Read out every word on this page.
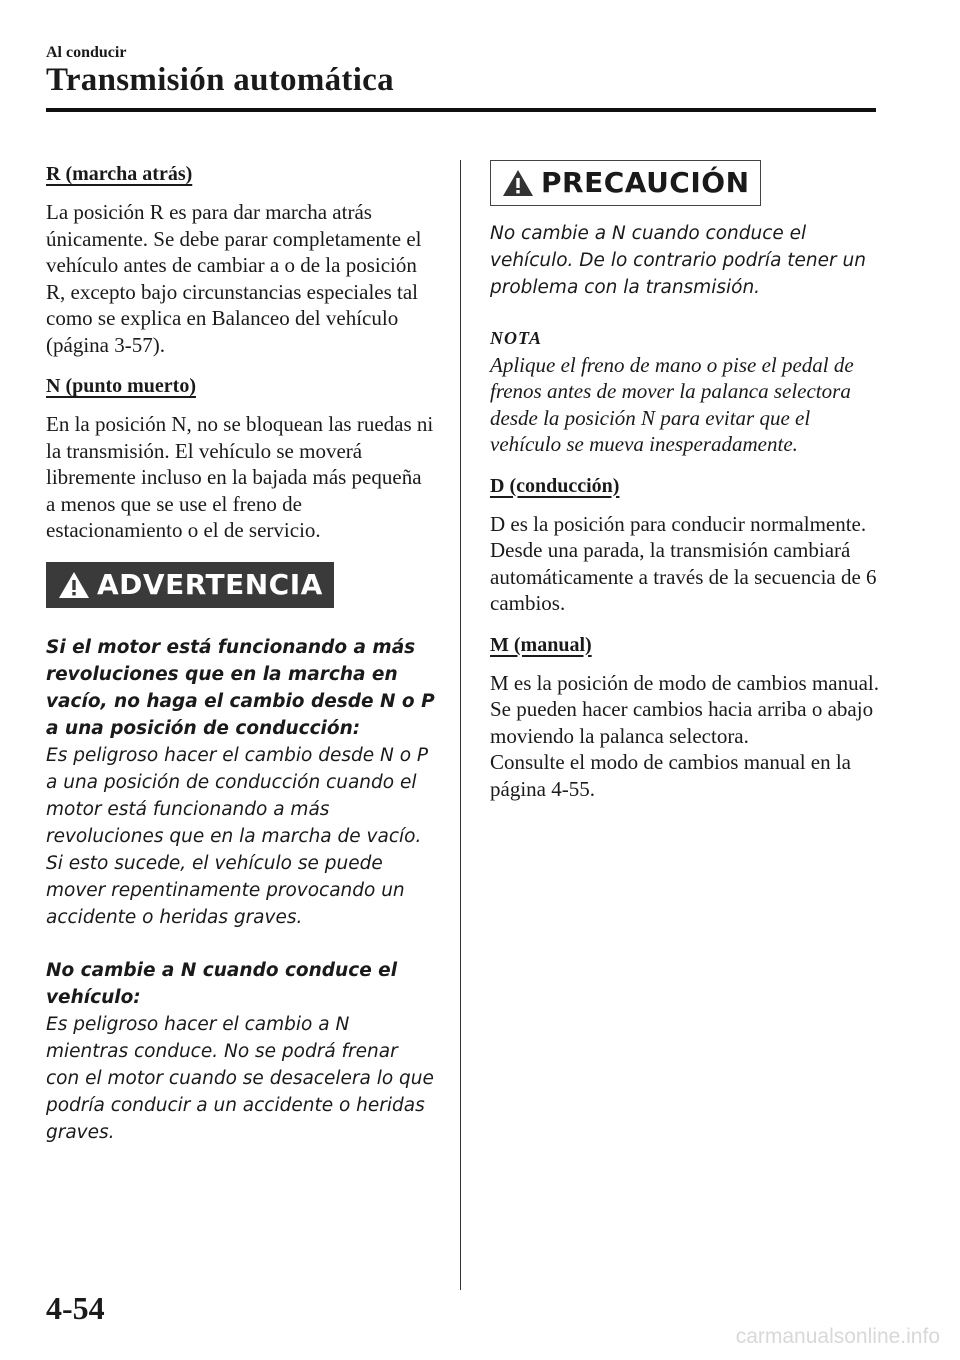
Al conducir
Transmisión automática
R (marcha atrás)

La posición R es para dar marcha atrás únicamente. Se debe parar completamente el vehículo antes de cambiar a o de la posición R, excepto bajo circunstancias especiales tal como se explica en Balanceo del vehículo (página 3-57).

N (punto muerto)

En la posición N, no se bloquean las ruedas ni la transmisión. El vehículo se moverá libremente incluso en la bajada más pequeña a menos que se use el freno de estacionamiento o el de servicio.

ADVERTENCIA

Si el motor está funcionando a más revoluciones que en la marcha en vacío, no haga el cambio desde N o P a una posición de conducción:

Es peligroso hacer el cambio desde N o P a una posición de conducción cuando el motor está funcionando a más revoluciones que en la marcha de vacío. Si esto sucede, el vehículo se puede mover repentinamente provocando un accidente o heridas graves.

No cambie a N cuando conduce el vehículo:

Es peligroso hacer el cambio a N mientras conduce. No se podrá frenar con el motor cuando se desacelera lo que podría conducir a un accidente o heridas graves.

PRECAUCIÓN

No cambie a N cuando conduce el vehículo. De lo contrario podría tener un problema con la transmisión.

NOTA

Aplique el freno de mano o pise el pedal de frenos antes de mover la palanca selectora desde la posición N para evitar que el vehículo se mueva inesperadamente.

D (conducción)

D es la posición para conducir normalmente. Desde una parada, la transmisión cambiará automáticamente a través de la secuencia de 6 cambios.

M (manual)

M es la posición de modo de cambios manual. Se pueden hacer cambios hacia arriba o abajo moviendo la palanca selectora.

Consulte el modo de cambios manual en la página 4-55.

4-54
carmanualsonline.info
